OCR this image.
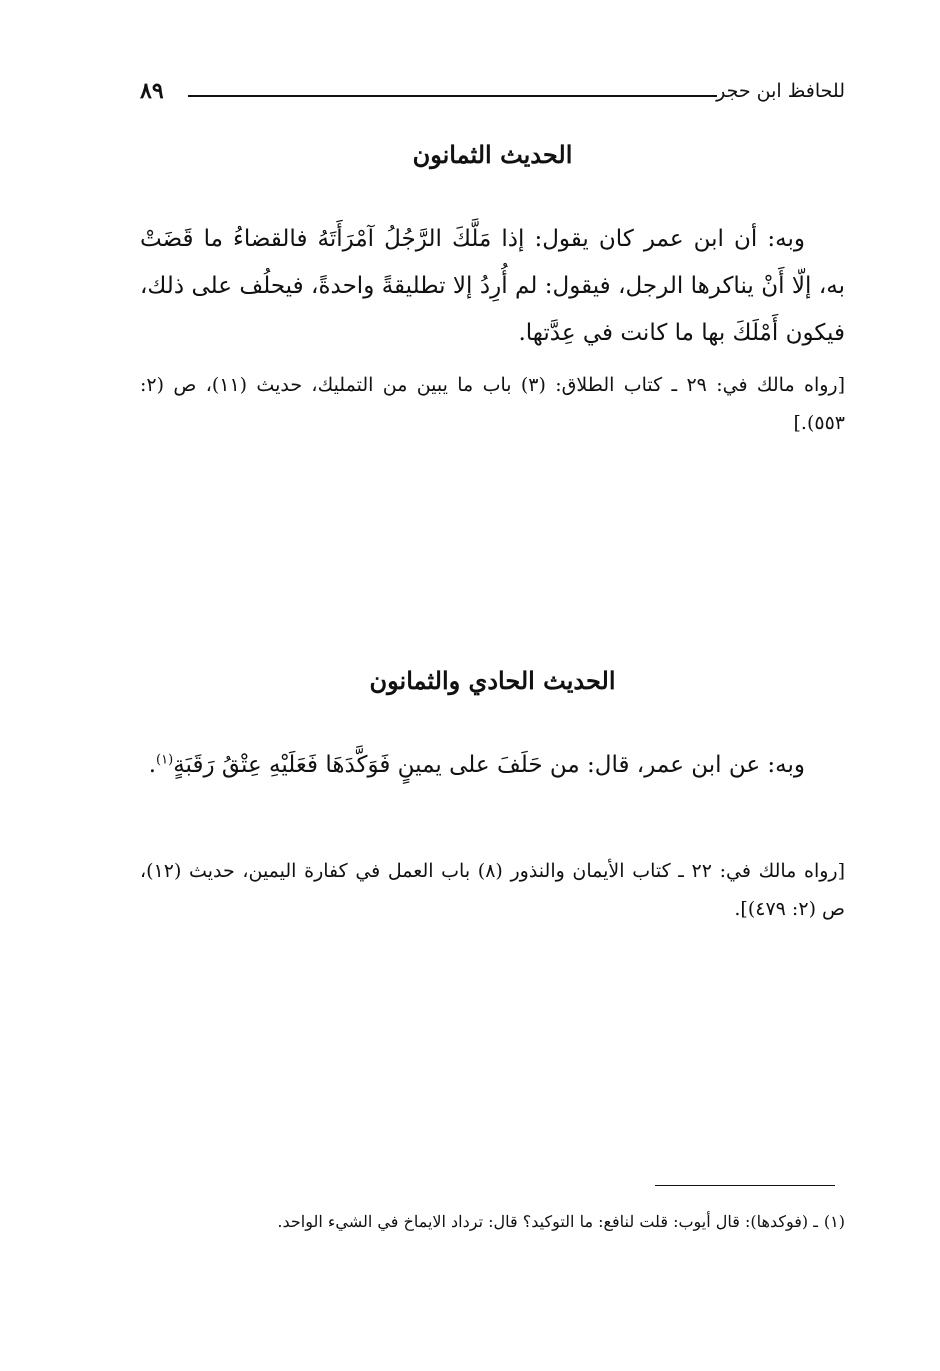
للحافظ ابن حجر
٨٩
الحديث الثمانون

وبه: أن ابن عمر كان يقول: إذا مَلَّكَ الرَّجُلُ آمْرَأَتَهُ فالقضاءُ ما قَضَتْ به، إلّا أَنْ يناكرها الرجل، فيقول: لم أُرِدُ إلا تطليقةً واحدةً، فيحلُف على ذلك، فيكون أَمْلَكَ بها ما كانت في عِدَّتها.

[رواه مالك في: ٢٩ ـ كتاب الطلاق: (٣) باب ما يبين من التمليك، حديث (١١)، ص (٢: ٥٥٣).]

الحديث الحادي والثمانون

وبه: عن ابن عمر، قال: من حَلَفَ على يمينٍ فَوَكَّدَهَا فَعَلَيْهِ عِتْقُ رَقَبَةٍ$^{(١)}$.

[رواه مالك في: ٢٢ ـ كتاب الأيمان والنذور (٨) باب العمل في كفارة اليمين، حديث (١٢)، ص (٢: ٤٧٩)].

(١)ـ (فوكدها): قال أيوب: قلت لنافع: ما التوكيد؟ قال: ترداد الايماخ في الشيء الواحد.
